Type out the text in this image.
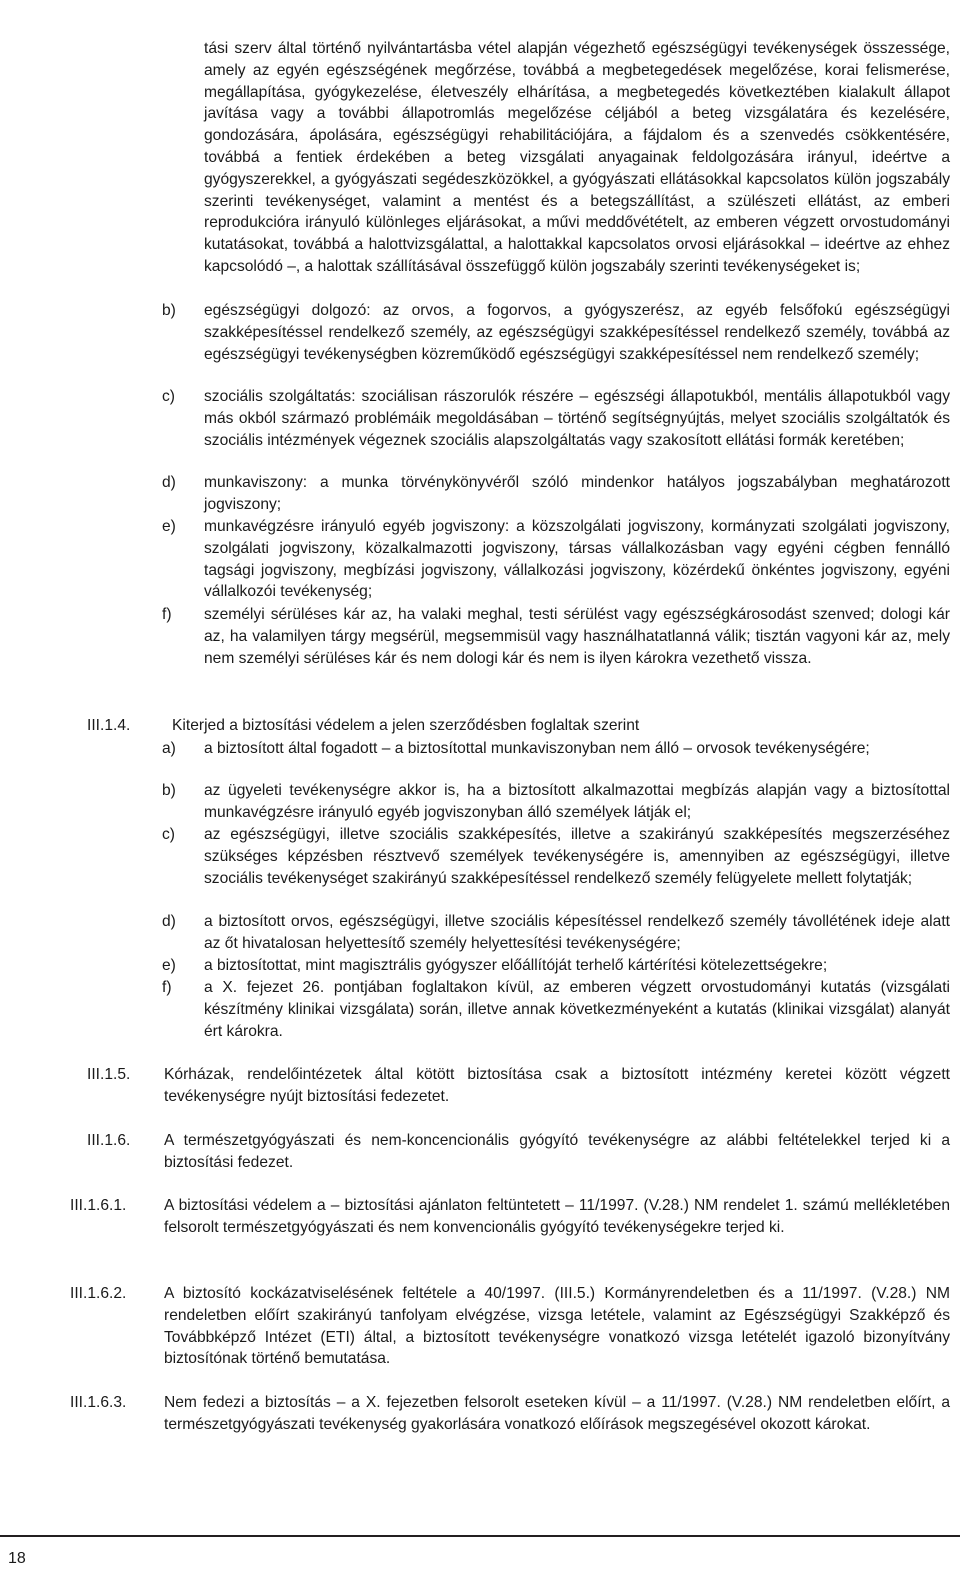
tási szerv által történő nyilvántartásba vétel alapján végezhető egészségügyi tevékenységek összessége, amely az egyén egészségének megőrzése, továbbá a megbetegedések megelőzése, korai felismerése, megállapítása, gyógykezelése, életveszély elhárítása, a megbetegedés következtében kialakult állapot javítása vagy a további állapotromlás megelőzése céljából a beteg vizsgálatára és kezelésére, gondozására, ápolására, egészségügyi rehabilitációjára, a fájdalom és a szenvedés csökkentésére, továbbá a fentiek érdekében a beteg vizsgálati anyagainak feldolgozására irányul, ideértve a gyógyszerekkel, a gyógyászati segédeszközökkel, a gyógyászati ellátásokkal kapcsolatos külön jogszabály szerinti tevékenységet, valamint a mentést és a betegszállítást, a szülészeti ellátást, az emberi reprodukcióra irányuló különleges eljárásokat, a művi meddővétételt, az emberen végzett orvostudományi kutatásokat, továbbá a halottvizsgálattal, a halottakkal kapcsolatos orvosi eljárásokkal – ideértve az ehhez kapcsolódó –, a halottak szállításával összefüggő külön jogszabály szerinti tevékenységeket is;
b) egészségügyi dolgozó: az orvos, a fogorvos, a gyógyszerész, az egyéb felsőfokú egészségügyi szakképesítéssel rendelkező személy, az egészségügyi szakképesítéssel rendelkező személy, továbbá az egészségügyi tevékenységben közreműködő egészségügyi szakképesítéssel nem rendelkező személy;
c) szociális szolgáltatás: szociálisan rászorulók részére – egészségi állapotukból, mentális állapotukból vagy más okból származó problémáik megoldásában – történő segítségnyújtás, melyet szociális szolgáltatók és szociális intézmények végeznek szociális alapszolgáltatás vagy szakosított ellátási formák keretében;
d) munkaviszony: a munka törvénykönyvéről szóló mindenkor hatályos jogszabályban meghatározott jogviszony;
e) munkavégzésre irányuló egyéb jogviszony: a közszolgálati jogviszony, kormányzati szolgálati jogviszony, szolgálati jogviszony, közalkalmazotti jogviszony, társas vállalkozásban vagy egyéni cégben fennálló tagsági jogviszony, megbízási jogviszony, vállalkozási jogviszony, közérdekű önkéntes jogviszony, egyéni vállalkozói tevékenység;
f) személyi sérüléses kár az, ha valaki meghal, testi sérülést vagy egészségkárosodást szenved; dologi kár az, ha valamilyen tárgy megsérül, megsemmisül vagy használhatatlanná válik; tisztán vagyoni kár az, mely nem személyi sérüléses kár és nem dologi kár és nem is ilyen károkra vezethető vissza.
III.1.4.	Kiterjed a biztosítási védelem a jelen szerződésben foglaltak szerint
a) a biztosított által fogadott – a biztosítottal munkaviszonyban nem álló – orvosok tevékenységére;
b) az ügyeleti tevékenységre akkor is, ha a biztosított alkalmazottai megbízás alapján vagy a biztosítottal munkavégzésre irányuló egyéb jogviszonyban álló személyek látják el;
c) az egészségügyi, illetve szociális szakképesítés, illetve a szakirányú szakképesítés megszerzéséhez szükséges képzésben résztvevő személyek tevékenységére is, amennyiben az egészségügyi, illetve szociális tevékenységet szakirányú szakképesítéssel rendelkező személy felügyelete mellett folytatják;
d) a biztosított orvos, egészségügyi, illetve szociális képesítéssel rendelkező személy távollétének ideje alatt az őt hivatalosan helyettesítő személy helyettesítési tevékenységére;
e) a biztosítottat, mint magisztrális gyógyszer előállítóját terhelő kártérítési kötelezettségekre;
f) a X. fejezet 26. pontjában foglaltakon kívül, az emberen végzett orvostudományi kutatás (vizsgálati készítmény klinikai vizsgálata) során, illetve annak következményeként a kutatás (klinikai vizsgálat) alanyát ért károkra.
III.1.5. Kórházak, rendelőintézetek által kötött biztosítása csak a biztosított intézmény keretei között végzett tevékenységre nyújt biztosítási fedezetet.
III.1.6. A természetgyógyászati és nem-koncencionális gyógyító tevékenységre az alábbi feltételekkel terjed ki a biztosítási fedezet.
III.1.6.1. A biztosítási védelem a – biztosítási ajánlaton feltüntetett – 11/1997. (V.28.) NM rendelet 1. számú mellékletében felsorolt természetgyógyászati és nem konvencionális gyógyító tevékenységekre terjed ki.
III.1.6.2. A biztosító kockázatviselésének feltétele a 40/1997. (III.5.) Kormányrendeletben és a 11/1997. (V.28.) NM rendeletben előírt szakirányú tanfolyam elvégzése, vizsga letétele, valamint az Egészségügyi Szakképző és Továbbképző Intézet (ETI) által, a biztosított tevékenységre vonatkozó vizsga letételét igazoló bizonyítvány biztosítónak történő bemutatása.
III.1.6.3. Nem fedezi a biztosítás – a X. fejezetben felsorolt eseteken kívül – a 11/1997. (V.28.) NM rendeletben előírt, a természetgyógyászati tevékenység gyakorlására vonatkozó előírások megszegésével okozott károkat.
18
